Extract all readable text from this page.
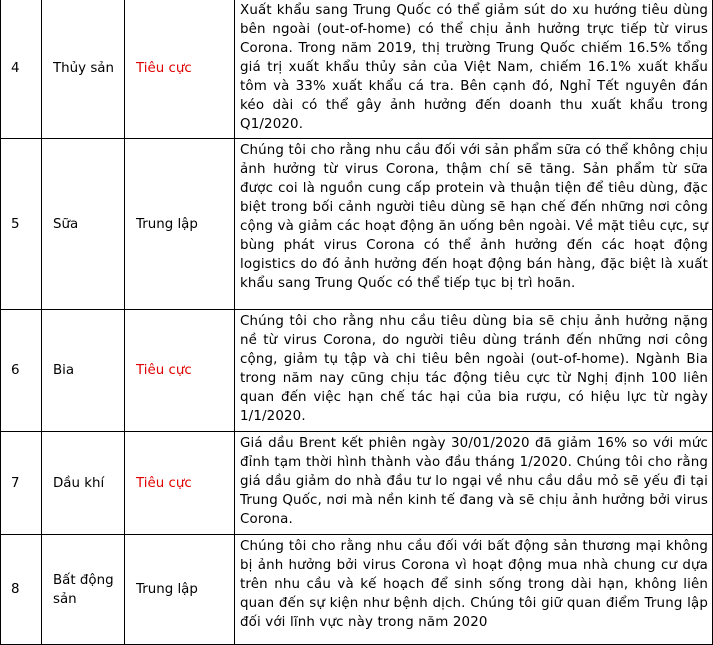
4	Thủy sản	Tiêu cực	Xuất khẩu sang Trung Quốc có thể giảm sút do xu hướng tiêu dùng bên ngoài (out-of-home) có thể chịu ảnh hưởng trực tiếp từ virus Corona. Trong năm 2019, thị trường Trung Quốc chiếm 16.5% tổng giá trị xuất khẩu thủy sản của Việt Nam, chiếm 16.1% xuất khẩu tôm và 33% xuất khẩu cá tra. Bên cạnh đó, Nghỉ Tết nguyên đán kéo dài có thể gây ảnh hưởng đến doanh thu xuất khẩu trong Q1/2020.
5	Sữa	Trung lập	Chúng tôi cho rằng nhu cầu đối với sản phẩm sữa có thể không chịu ảnh hưởng từ virus Corona, thậm chí sẽ tăng. Sản phẩm từ sữa được coi là nguồn cung cấp protein và thuận tiện để tiêu dùng, đặc biệt trong bối cảnh người tiêu dùng sẽ hạn chế đến những nơi công cộng và giảm các hoạt động ăn uống bên ngoài. Về mặt tiêu cực, sự bùng phát virus Corona có thể ảnh hưởng đến các hoạt động logistics do đó ảnh hưởng đến hoạt động bán hàng, đặc biệt là xuất khẩu sang Trung Quốc có thể tiếp tục bị trì hoãn.
6	Bia	Tiêu cực	Chúng tôi cho rằng nhu cầu tiêu dùng bia sẽ chịu ảnh hưởng nặng nề từ virus Corona, do người tiêu dùng tránh đến những nơi công cộng, giảm tụ tập và chi tiêu bên ngoài (out-of-home). Ngành Bia trong năm nay cũng chịu tác động tiêu cực từ Nghị định 100 liên quan đến việc hạn chế tác hại của bia rượu, có hiệu lực từ ngày 1/1/2020.
7	Dầu khí	Tiêu cực	Giá dầu Brent kết phiên ngày 30/01/2020 đã giảm 16% so với mức đỉnh tạm thời hình thành vào đầu tháng 1/2020. Chúng tôi cho rằng giá dầu giảm do nhà đầu tư lo ngại về nhu cầu dầu mỏ sẽ yếu đi tại Trung Quốc, nơi mà nền kinh tế đang và sẽ chịu ảnh hưởng bởi virus Corona.
8	Bất động sản	Trung lập	Chúng tôi cho rằng nhu cầu đối với bất động sản thương mại không bị ảnh hưởng bởi virus Corona vì hoạt động mua nhà chung cư dựa trên nhu cầu và kế hoạch để sinh sống trong dài hạn, không liên quan đến sự kiện như bệnh dịch. Chúng tôi giữ quan điểm Trung lập đối với lĩnh vực này trong năm 2020
